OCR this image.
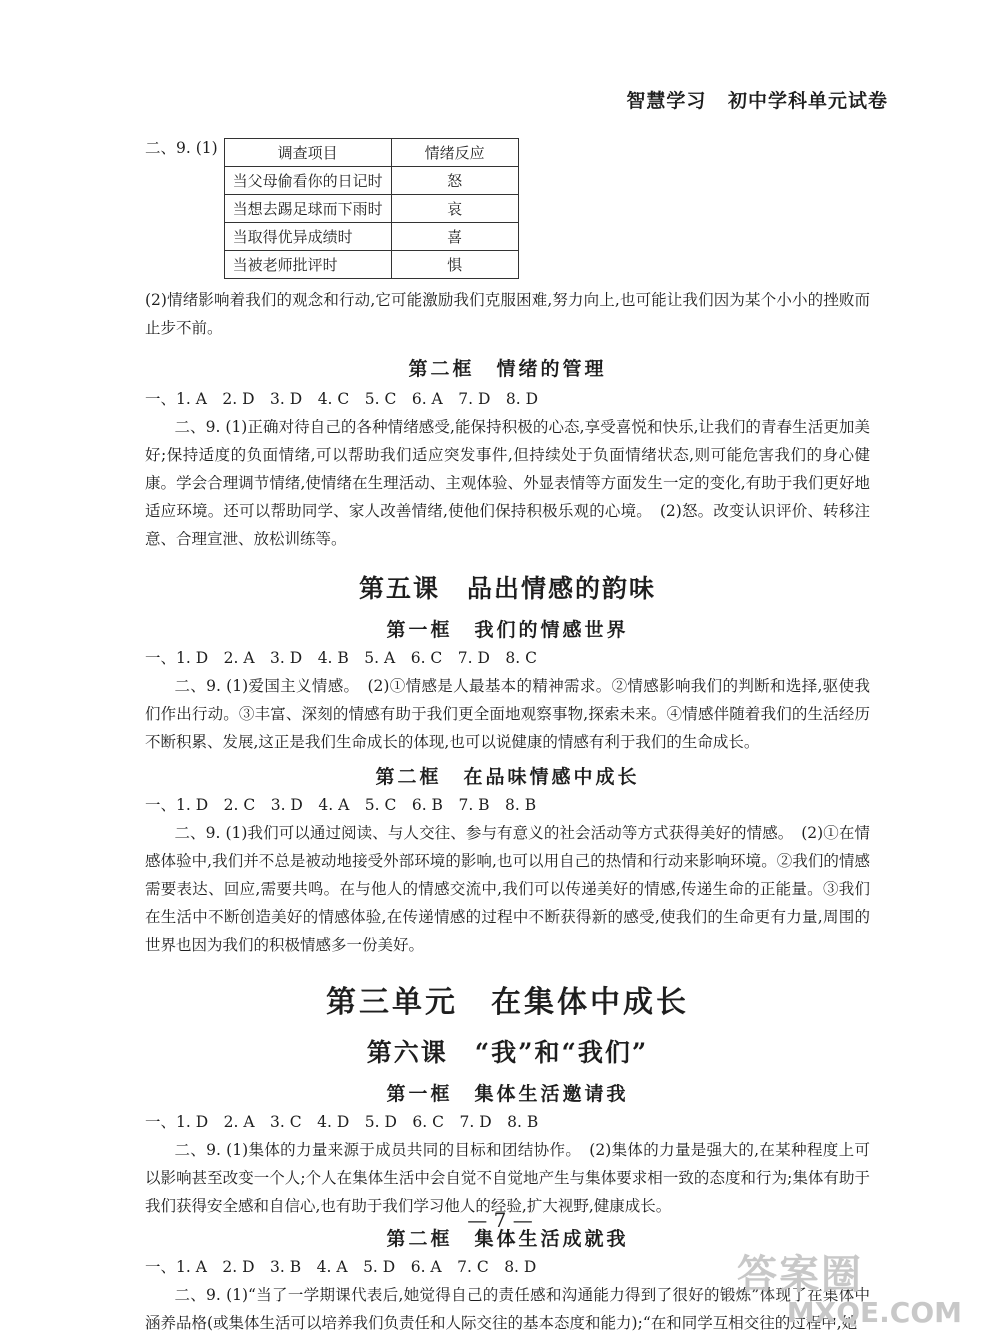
智慧学习 初中学科单元试卷
二、9. (1)	调查项目	情绪反应
当父母偷看你的日记时	怒
当想去踢足球而下雨时	哀
当取得优异成绩时	喜
当被老师批评时	惧

(2)情绪影响着我们的观念和行动,它可能激励我们克服困难,努力向上,也可能让我们因为某个小小的挫败而止步不前。

第二框　情绪的管理

一、1. A　2. D　3. D　4. C　5. C　6. A　7. D　8. D

二、9. (1)正确对待自己的各种情绪感受,能保持积极的心态,享受喜悦和快乐,让我们的青春生活更加美好;保持适度的负面情绪,可以帮助我们适应突发事件,但持续处于负面情绪状态,则可能危害我们的身心健康。学会合理调节情绪,使情绪在生理活动、主观体验、外显表情等方面发生一定的变化,有助于我们更好地适应环境。还可以帮助同学、家人改善情绪,使他们保持积极乐观的心境。　(2)怒。改变认识评价、转移注意、合理宣泄、放松训练等。

第五课　品出情感的韵味

第一框　我们的情感世界

一、1. D　2. A　3. D　4. B　5. A　6. C　7. D　8. C

二、9. (1)爱国主义情感。　(2)①情感是人最基本的精神需求。②情感影响我们的判断和选择,驱使我们作出行动。③丰富、深刻的情感有助于我们更全面地观察事物,探索未来。④情感伴随着我们的生活经历不断积累、发展,这正是我们生命成长的体现,也可以说健康的情感有利于我们的生命成长。

第二框　在品味情感中成长

一、1. D　2. C　3. D　4. A　5. C　6. B　7. B　8. B

二、9. (1)我们可以通过阅读、与人交往、参与有意义的社会活动等方式获得美好的情感。　(2)①在情感体验中,我们并不总是被动地接受外部环境的影响,也可以用自己的热情和行动来影响环境。②我们的情感需要表达、回应,需要共鸣。在与他人的情感交流中,我们可以传递美好的情感,传递生命的正能量。③我们在生活中不断创造美好的情感体验,在传递情感的过程中不断获得新的感受,使我们的生命更有力量,周围的世界也因为我们的积极情感多一份美好。

第三单元　在集体中成长

第六课　“我”和“我们”

第一框　集体生活邀请我

一、1. D　2. A　3. C　4. D　5. D　6. C　7. D　8. B

二、9. (1)集体的力量来源于成员共同的目标和团结协作。　(2)集体的力量是强大的,在某种程度上可以影响甚至改变一个人;个人在集体生活中会自觉不自觉地产生与集体要求相一致的态度和行为;集体有助于我们获得安全感和自信心,也有助于我们学习他人的经验,扩大视野,健康成长。

第二框　集体生活成就我

一、1. A　2. D　3. B　4. A　5. D　6. A　7. C　8. D

二、9. (1)“当了一学期课代表后,她觉得自己的责任感和沟通能力得到了很好的锻炼”体现了在集体中涵养品格(或集体生活可以培养我们负责任和人际交往的基本态度和能力);“在和同学互相交往的过程中,她

— 7 —
答案圈
MXQE.COM
